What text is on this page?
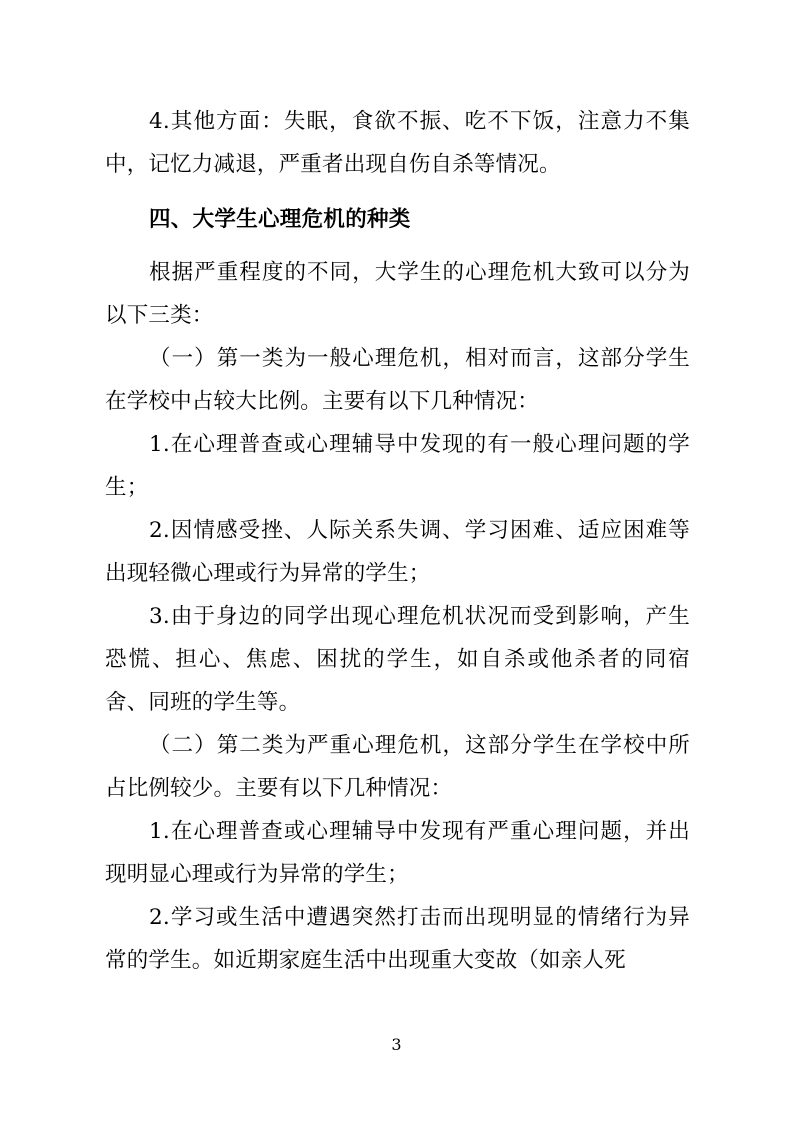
4.其他方面：失眠，食欲不振、吃不下饭，注意力不集中，记忆力减退，严重者出现自伤自杀等情况。

四、大学生心理危机的种类

根据严重程度的不同，大学生的心理危机大致可以分为以下三类：

（一）第一类为一般心理危机，相对而言，这部分学生在学校中占较大比例。主要有以下几种情况：

1.在心理普查或心理辅导中发现的有一般心理问题的学生；

2.因情感受挫、人际关系失调、学习困难、适应困难等出现轻微心理或行为异常的学生；

3.由于身边的同学出现心理危机状况而受到影响，产生恐慌、担心、焦虑、困扰的学生，如自杀或他杀者的同宿舍、同班的学生等。

（二）第二类为严重心理危机，这部分学生在学校中所占比例较少。主要有以下几种情况：

1.在心理普查或心理辅导中发现有严重心理问题，并出现明显心理或行为异常的学生；

2.学习或生活中遭遇突然打击而出现明显的情绪行为异常的学生。如近期家庭生活中出现重大变故（如亲人死

3
